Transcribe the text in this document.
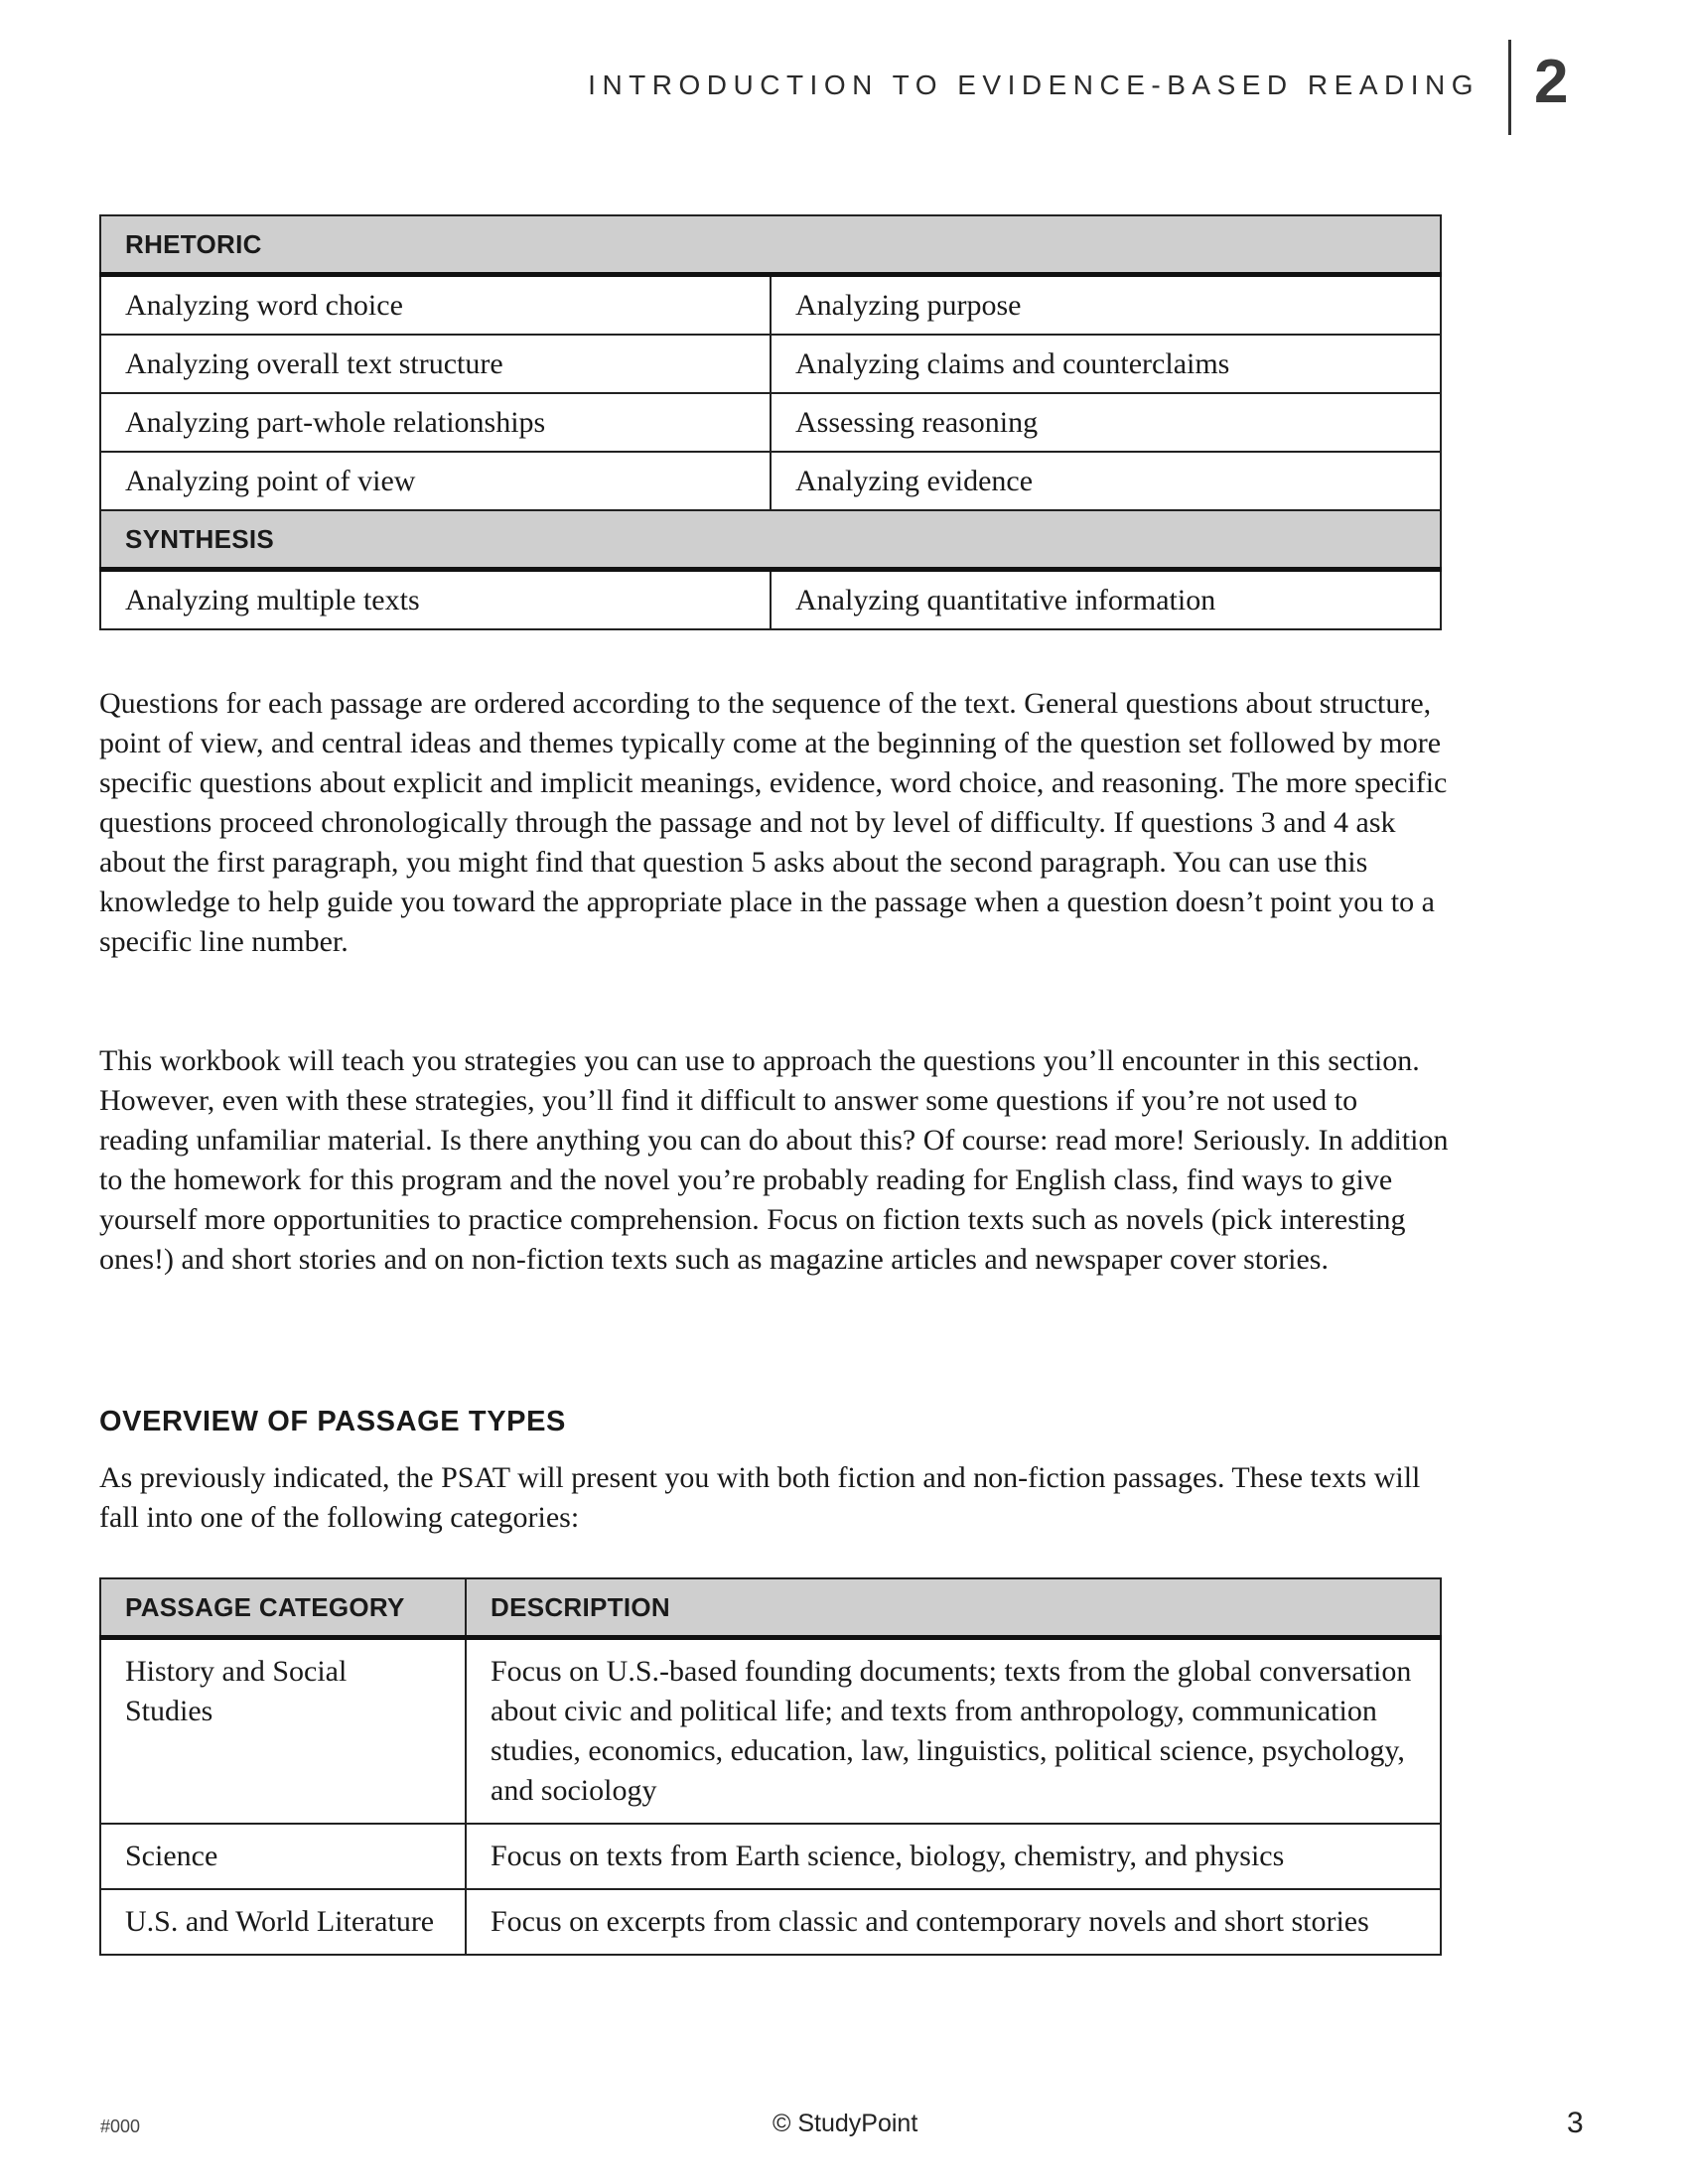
INTRODUCTION TO EVIDENCE-BASED READING 2
RHETORIC	
Analyzing word choice	Analyzing purpose
Analyzing overall text structure	Analyzing claims and counterclaims
Analyzing part-whole relationships	Assessing reasoning
Analyzing point of view	Analyzing evidence
SYNTHESIS	
Analyzing multiple texts	Analyzing quantitative information

Questions for each passage are ordered according to the sequence of the text. General questions about structure, point of view, and central ideas and themes typically come at the beginning of the question set followed by more specific questions about explicit and implicit meanings, evidence, word choice, and reasoning. The more specific questions proceed chronologically through the passage and not by level of difficulty. If questions 3 and 4 ask about the first paragraph, you might find that question 5 asks about the second paragraph. You can use this knowledge to help guide you toward the appropriate place in the passage when a question doesn’t point you to a specific line number.

This workbook will teach you strategies you can use to approach the questions you’ll encounter in this section. However, even with these strategies, you’ll find it difficult to answer some questions if you’re not used to reading unfamiliar material. Is there anything you can do about this? Of course: read more! Seriously. In addition to the homework for this program and the novel you’re probably reading for English class, find ways to give yourself more opportunities to practice comprehension. Focus on fiction texts such as novels (pick interesting ones!) and short stories and on non-fiction texts such as magazine articles and newspaper cover stories.

OVERVIEW OF PASSAGE TYPES

As previously indicated, the PSAT will present you with both fiction and non-fiction passages. These texts will fall into one of the following categories:

PASSAGE CATEGORY	DESCRIPTION
History and Social Studies	Focus on U.S.-based founding documents; texts from the global conversation about civic and political life; and texts from anthropology, communication studies, economics, education, law, linguistics, political science, psychology, and sociology
Science	Focus on texts from Earth science, biology, chemistry, and physics
U.S. and World Literature	Focus on excerpts from classic and contemporary novels and short stories
#000	© StudyPoint	3
